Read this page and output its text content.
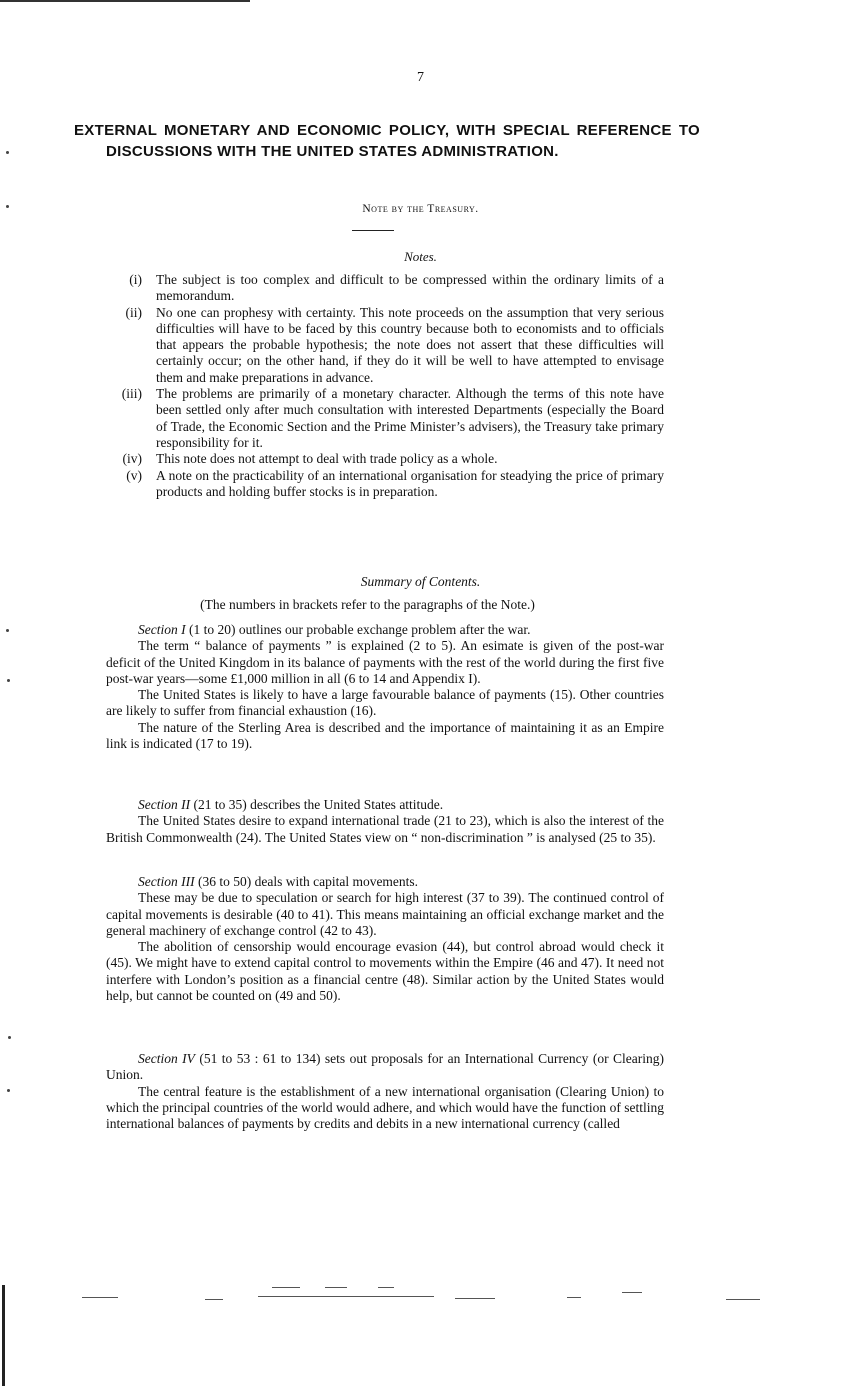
7
EXTERNAL MONETARY AND ECONOMIC POLICY, WITH SPECIAL REFERENCE TO DISCUSSIONS WITH THE UNITED STATES ADMINISTRATION.
Note by the Treasury.
Notes.
(i) The subject is too complex and difficult to be compressed within the ordinary limits of a memorandum.
(ii) No one can prophesy with certainty. This note proceeds on the assumption that very serious difficulties will have to be faced by this country because both to economists and to officials that appears the probable hypothesis; the note does not assert that these difficulties will certainly occur; on the other hand, if they do it will be well to have attempted to envisage them and make preparations in advance.
(iii) The problems are primarily of a monetary character. Although the terms of this note have been settled only after much consultation with interested Departments (especially the Board of Trade, the Economic Section and the Prime Minister’s advisers), the Treasury take primary responsibility for it.
(iv) This note does not attempt to deal with trade policy as a whole.
(v) A note on the practicability of an international organisation for steadying the price of primary products and holding buffer stocks is in preparation.
Summary of Contents.
(The numbers in brackets refer to the paragraphs of the Note.)

Section I (1 to 20) outlines our probable exchange problem after the war.

The term “ balance of payments ” is explained (2 to 5). An esimate is given of the post-war deficit of the United Kingdom in its balance of payments with the rest of the world during the first five post-war years—some £1,000 million in all (6 to 14 and Appendix I).

The United States is likely to have a large favourable balance of payments (15). Other countries are likely to suffer from financial exhaustion (16).

The nature of the Sterling Area is described and the importance of maintaining it as an Empire link is indicated (17 to 19).

Section II (21 to 35) describes the United States attitude.

The United States desire to expand international trade (21 to 23), which is also the interest of the British Commonwealth (24). The United States view on “ non-discrimination ” is analysed (25 to 35).

Section III (36 to 50) deals with capital movements.

These may be due to speculation or search for high interest (37 to 39). The continued control of capital movements is desirable (40 to 41). This means maintaining an official exchange market and the general machinery of exchange control (42 to 43).

The abolition of censorship would encourage evasion (44), but control abroad would check it (45). We might have to extend capital control to movements within the Empire (46 and 47). It need not interfere with London’s position as a financial centre (48). Similar action by the United States would help, but cannot be counted on (49 and 50).

Section IV (51 to 53 : 61 to 134) sets out proposals for an International Currency (or Clearing) Union.

The central feature is the establishment of a new international organisation (Clearing Union) to which the principal countries of the world would adhere, and which would have the function of settling international balances of payments by credits and debits in a new international currency (called
